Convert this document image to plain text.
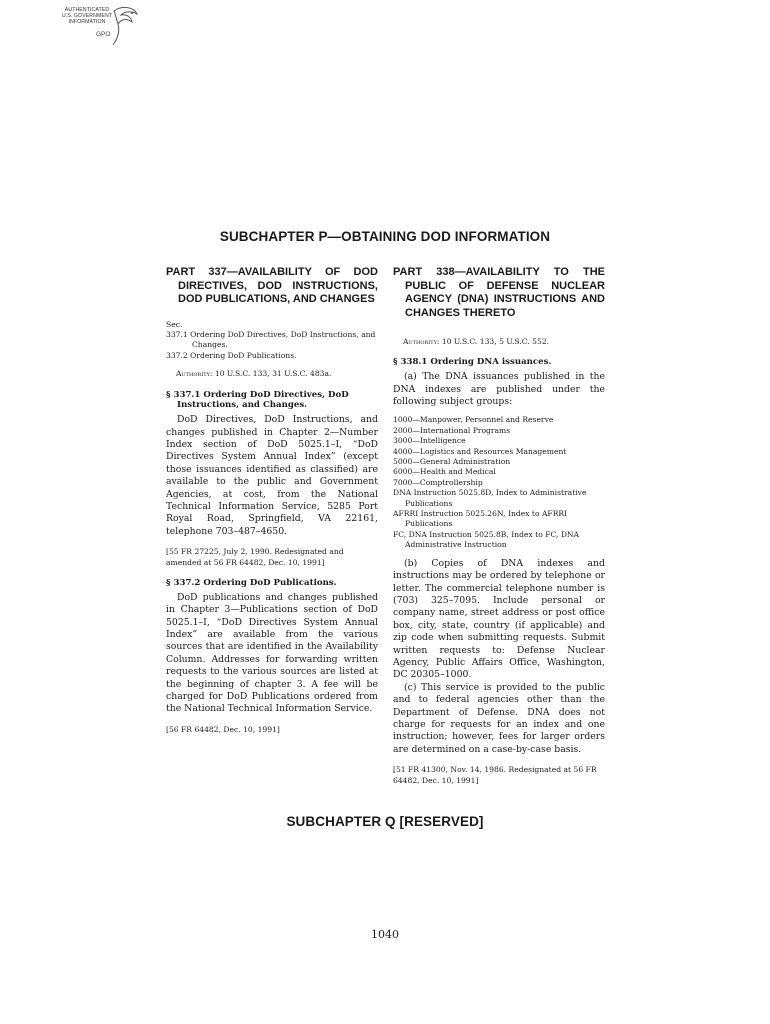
AUTHENTICATED
U.S. GOVERNMENT
INFORMATION
GPO
SUBCHAPTER P—OBTAINING DOD INFORMATION
PART 337—AVAILABILITY OF DOD DIRECTIVES, DOD INSTRUCTIONS, DOD PUBLICATIONS, AND CHANGES

Sec.

337.1 Ordering DoD Directives, DoD Instructions, and Changes.

337.2 Ordering DoD Publications.

Authority: 10 U.S.C. 133, 31 U.S.C. 483a.

§ 337.1 Ordering DoD Directives, DoD Instructions, and Changes.

DoD Directives, DoD Instructions, and changes published in Chapter 2—Number Index section of DoD 5025.1–I, “DoD Directives System Annual Index” (except those issuances identified as classified) are available to the public and Government Agencies, at cost, from the National Technical Information Service, 5285 Port Royal Road, Springfield, VA 22161, telephone 703–487–4650.

[55 FR 27225, July 2, 1990. Redesignated and amended at 56 FR 64482, Dec. 10, 1991]

§ 337.2 Ordering DoD Publications.

DoD publications and changes published in Chapter 3—Publications section of DoD 5025.1–I, “DoD Directives System Annual Index” are available from the various sources that are identified in the Availability Column. Addresses for forwarding written requests to the various sources are listed at the beginning of chapter 3. A fee will be charged for DoD Publications ordered from the National Technical Information Service.

[56 FR 64482, Dec. 10, 1991]

PART 338—AVAILABILITY TO THE PUBLIC OF DEFENSE NUCLEAR AGENCY (DNA) INSTRUCTIONS AND CHANGES THERETO

Authority: 10 U.S.C. 133, 5 U.S.C. 552.

§ 338.1 Ordering DNA issuances.

(a) The DNA issuances published in the DNA indexes are published under the following subject groups:

1000—Manpower, Personnel and Reserve

2000—International Programs

3000—Intelligence

4000—Logistics and Resources Management

5000—General Administration

6000—Health and Medical

7000—Comptrollership

DNA Instruction 5025.8D, Index to Administrative Publications

AFRRI Instruction 5025.26N, Index to AFRRI Publications

FC, DNA Instruction 5025.8B, Index to FC, DNA Administrative Instruction

(b) Copies of DNA indexes and instructions may be ordered by telephone or letter. The commercial telephone number is (703) 325–7095. Include personal or company name, street address or post office box, city, state, country (if applicable) and zip code when submitting requests. Submit written requests to: Defense Nuclear Agency, Public Affairs Office, Washington, DC 20305–1000.

(c) This service is provided to the public and to federal agencies other than the Department of Defense. DNA does not charge for requests for an index and one instruction; however, fees for larger orders are determined on a case-by-case basis.

[51 FR 41300, Nov. 14, 1986. Redesignated at 56 FR 64482, Dec. 10, 1991]

SUBCHAPTER Q [RESERVED]

1040
